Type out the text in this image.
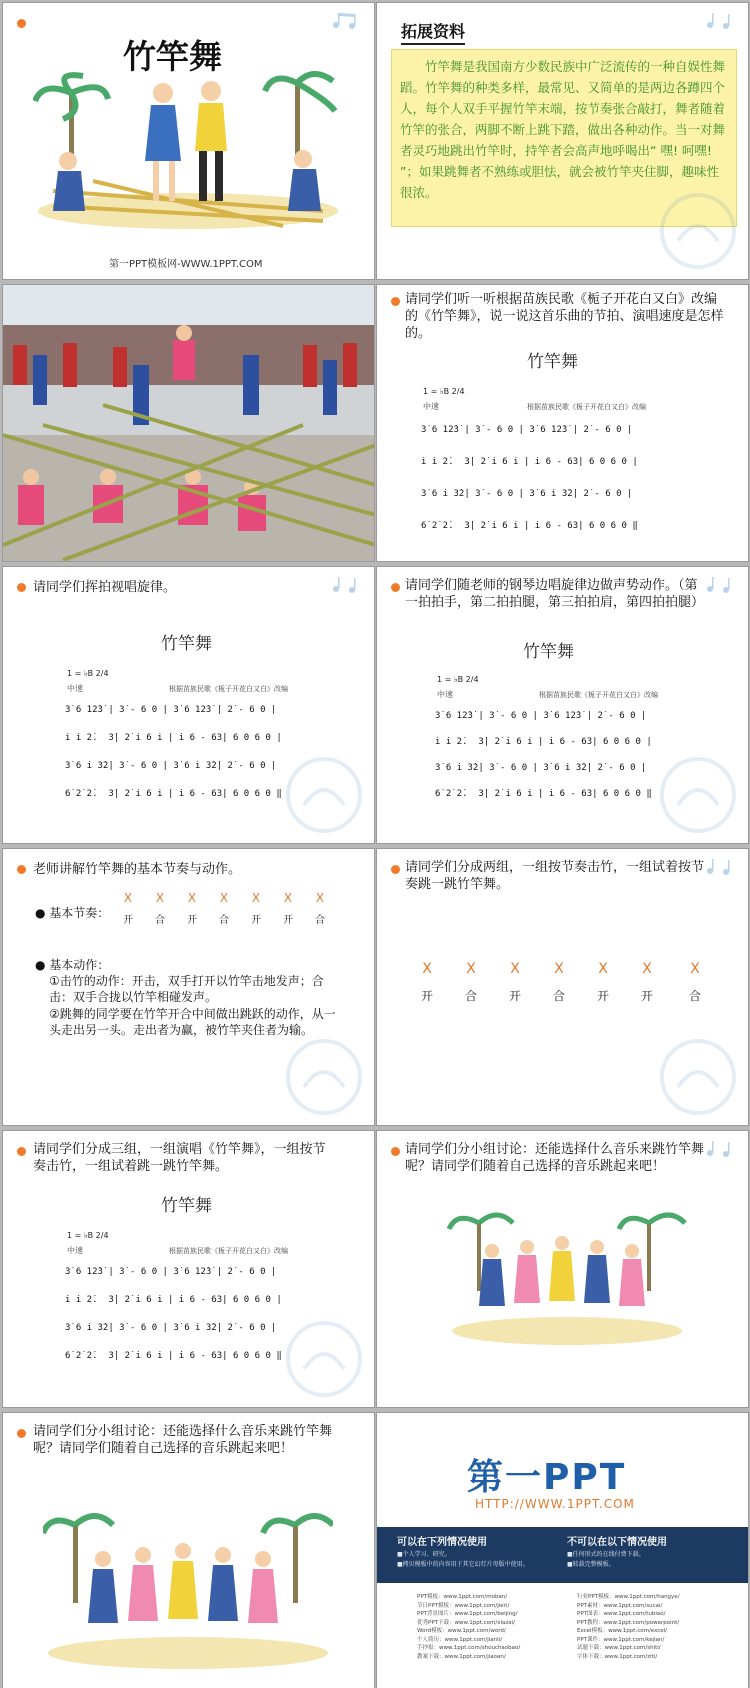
竹竿舞
第一PPT模板网-WWW.1PPT.COM
拓展资料
竹竿舞是我国南方少数民族中广泛流传的一种自娱性舞蹈。竹竿舞的种类多样，最常见、又简单的是两边各蹲四个人，每个人双手平握竹竿末端，按节奏张合敲打，舞者随着竹竿的张合，两脚不断上跳下踏，做出各种动作。当一对舞者灵巧地跳出竹竿时，持竿者会高声地呼喝出“ 嘿! 呵嘿! ”；如果跳舞者不熟练或胆怯，就会被竹竿夹住脚，趣味性很浓。
请同学们听一听根据苗族民歌《栀子开花白又白》改编的《竹竿舞》，说一说这首乐曲的节拍、演唱速度是怎样的。
竹竿舞
1 = ♭B 2/4
中速	根据苗族民歌《栀子开花白又白》改编
3̇ 6 12̇3̇ | 3̇ - 6 0 | 3̇ 6 12̇3̇ | 2̇ - 6 0 |
i i 2̇.  3̇| 2̇ i 6 i | i 6 - 63| 6 0 6 0 |
3̇ 6 i 3̇2̇| 3̇ - 6 0 | 3̇ 6 i 3̇2̇| 2̇ - 6 0 |
6̇ 2̇ 2̇.  3̇| 2̇ i 6 i | i 6 - 63| 6 0 6 0 ‖
请同学们挥拍视唱旋律。
竹竿舞
1 = ♭B 2/4
中速	根据苗族民歌《栀子开花白又白》改编
3̇ 6 12̇3̇ | 3̇ - 6 0 | 3̇ 6 12̇3̇ | 2̇ - 6 0 |
i i 2̇.  3̇| 2̇ i 6 i | i 6 - 63| 6 0 6 0 |
3̇ 6 i 3̇2̇| 3̇ - 6 0 | 3̇ 6 i 3̇2̇| 2̇ - 6 0 |
6̇ 2̇ 2̇.  3̇| 2̇ i 6 i | i 6 - 63| 6 0 6 0 ‖
请同学们随老师的钢琴边唱旋律边做声势动作。（第一拍拍手，第二拍拍腿，第三拍拍肩，第四拍拍腿）
竹竿舞
1 = ♭B 2/4
中速	根据苗族民歌《栀子开花白又白》改编
3̇ 6 12̇3̇ | 3̇ - 6 0 | 3̇ 6 12̇3̇ | 2̇ - 6 0 |
i i 2̇.  3̇| 2̇ i 6 i | i 6 - 63| 6 0 6 0 |
3̇ 6 i 3̇2̇| 3̇ - 6 0 | 3̇ 6 i 3̇2̇| 2̇ - 6 0 |
6̇ 2̇ 2̇.  3̇| 2̇ i 6 i | i 6 - 63| 6 0 6 0 ‖
老师讲解竹竿舞的基本节奏与动作。
● 基本节奏：
X	X	X	X	X	X	X
开	合	开	合	开	开	合
● 基本动作：
①击竹的动作：开击，双手打开以竹竿击地发声；合击：双手合拢以竹竿相碰发声。
②跳舞的同学要在竹竿开合中间做出跳跃的动作，从一头走出另一头。走出者为赢，被竹竿夹住者为输。
请同学们分成两组，一组按节奏击竹，一组试着按节奏跳一跳竹竿舞。
X	X	X	X	X	X	X
开	合	开	合	开	开	合
请同学们分成三组，一组演唱《竹竿舞》，一组按节奏击竹，一组试着跳一跳竹竿舞。
竹竿舞
1 = ♭B 2/4
中速	根据苗族民歌《栀子开花白又白》改编
3̇ 6 12̇3̇ | 3̇ - 6 0 | 3̇ 6 12̇3̇ | 2̇ - 6 0 |
i i 2̇.  3̇| 2̇ i 6 i | i 6 - 63| 6 0 6 0 |
3̇ 6 i 3̇2̇| 3̇ - 6 0 | 3̇ 6 i 3̇2̇| 2̇ - 6 0 |
6̇ 2̇ 2̇.  3̇| 2̇ i 6 i | i 6 - 63| 6 0 6 0 ‖
请同学们分小组讨论：还能选择什么音乐来跳竹竿舞呢？请同学们随着自己选择的音乐跳起来吧！
请同学们分小组讨论：还能选择什么音乐来跳竹竿舞呢？请同学们随着自己选择的音乐跳起来吧！
第一PPT
HTTP://WWW.1PPT.COM
可以在下列情况使用
■个人学习、研究。
■拷贝模板中的内容用于其它幻灯片母版中使用。
不可以在以下情况使用
■任何形式的在线付费下载。
■转载完整模板。
PPT模板：www.1ppt.com/moban/
节日PPT模板：www.1ppt.com/jieri/
PPT背景图片：www.1ppt.com/beijing/
优秀PPT下载：www.1ppt.com/xiazai/
Word模板：www.1ppt.com/word/
个人简历：www.1ppt.com/jianli/
手抄报：www.1ppt.com/shouchaobao/
教案下载：www.1ppt.com/jiaoan/
行业PPT模板：www.1ppt.com/hangye/
PPT素材：www.1ppt.com/sucai/
PPT图表：www.1ppt.com/tubiao/
PPT教程：www.1ppt.com/powerpoint/
Excel模板：www.1ppt.com/excel/
PPT课件：www.1ppt.com/kejian/
试题下载：www.1ppt.com/shiti/
字体下载：www.1ppt.com/ziti/
